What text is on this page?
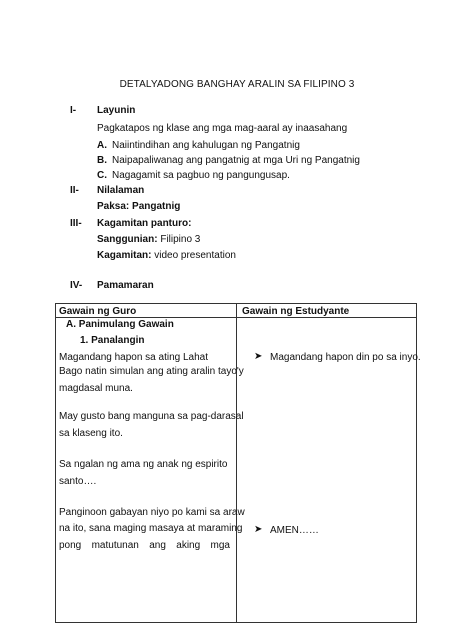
DETALYADONG BANGHAY ARALIN SA FILIPINO 3
I- Layunin
Pagkatapos ng klase ang mga mag-aaral ay inaasahang
A. Naiintindihan ang kahulugan ng Pangatnig
B. Naipapaliwanag ang pangatnig at mga Uri ng Pangatnig
C. Nagagamit sa pagbuo ng pangungusap.
II- Nilalaman
Paksa: Pangatnig
III- Kagamitan panturo:
Sanggunian: Filipino 3
Kagamitan: video presentation
IV- Pamamaran
Gawain ng Guro	Gawain ng Estudyante
A. Panimulang Gawain
1. Panalangin
Magandang hapon sa ating Lahat
Bago natin simulan ang ating aralin tayo'y
magdasal muna.
May gusto bang manguna sa pag-darasal
sa klaseng ito.
Sa ngalan ng ama ng anak ng espirito
santo….
Panginoon gabayan niyo po kami sa araw
na ito, sana maging masaya at maraming
pong matutunan ang aking mga
➤ Magandang hapon din po sa inyo.
➤ AMEN……
